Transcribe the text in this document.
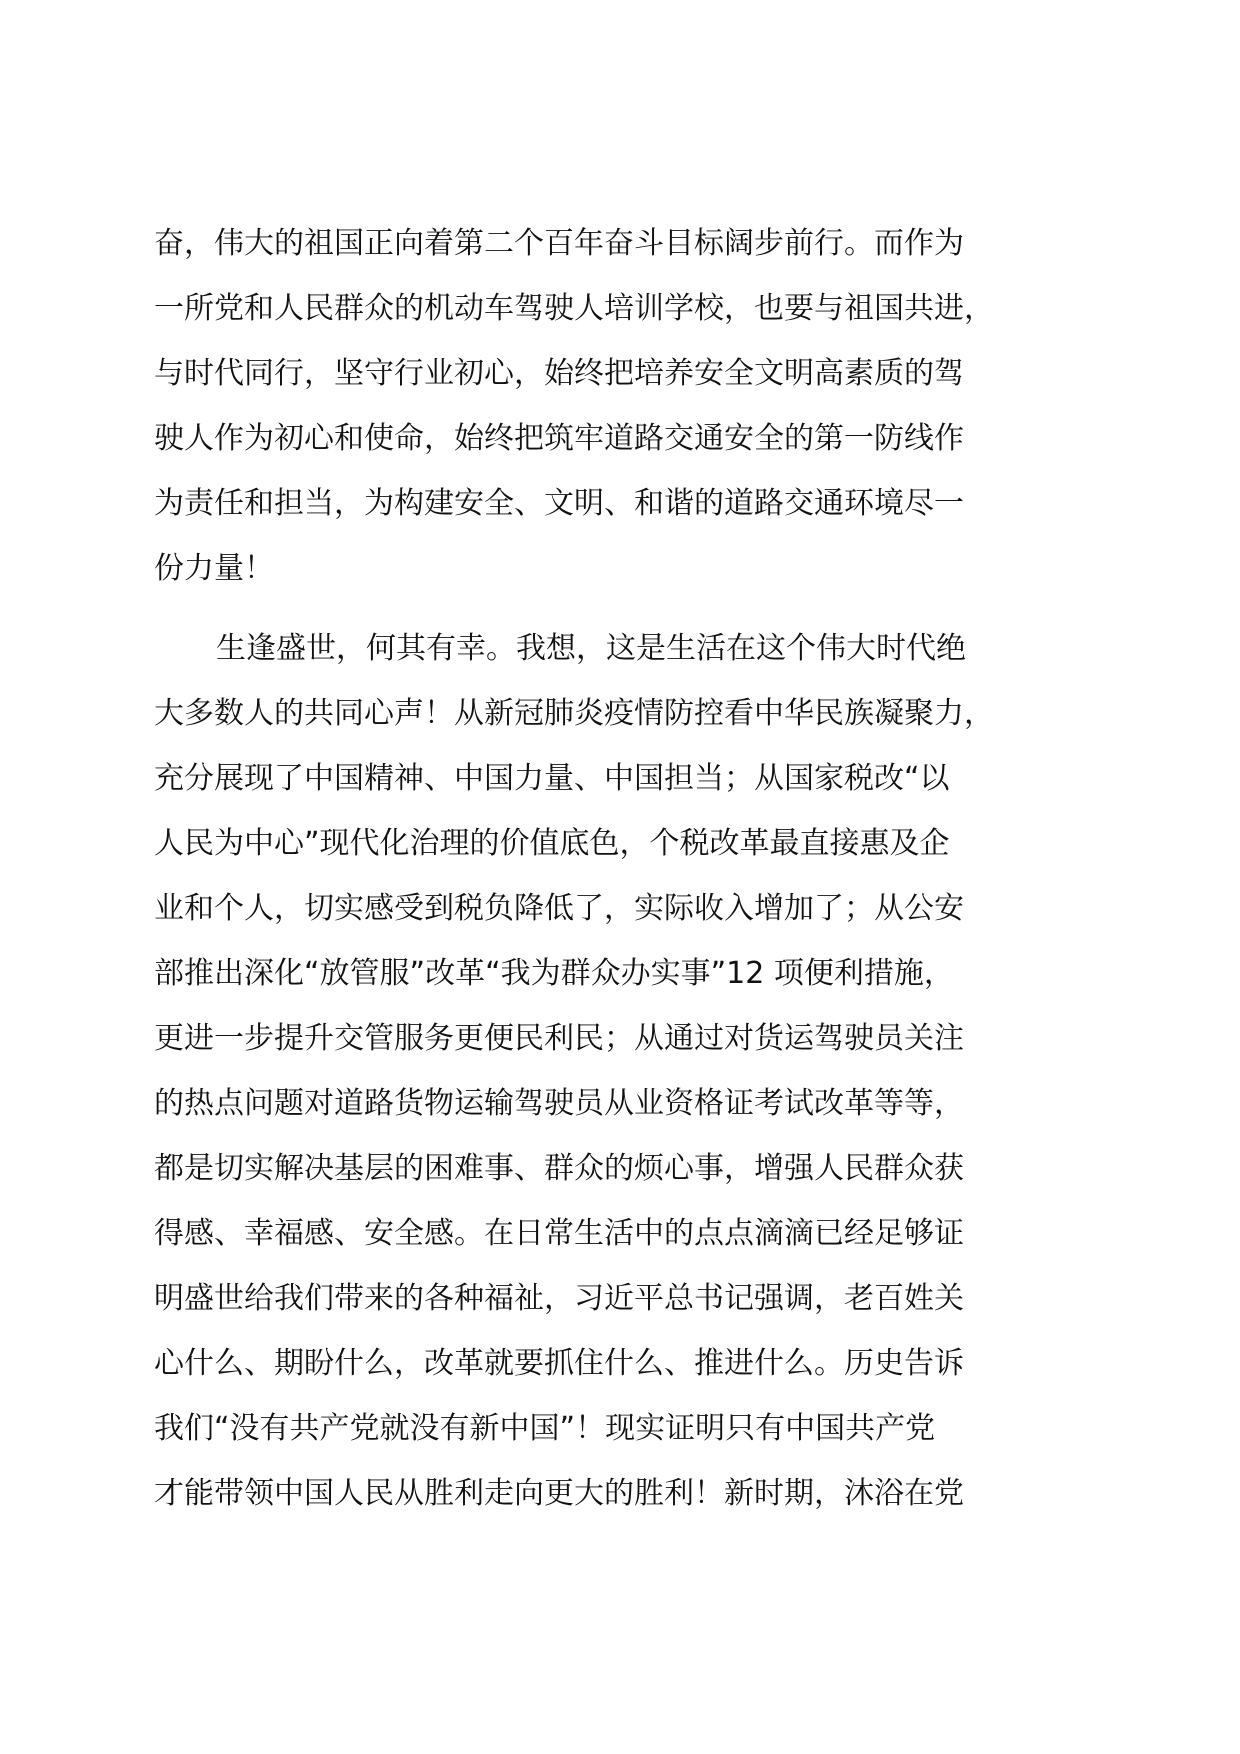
奋，伟大的祖国正向着第二个百年奋斗目标阔步前行。而作为
一所党和人民群众的机动车驾驶人培训学校，也要与祖国共进，
与时代同行，坚守行业初心，始终把培养安全文明高素质的驾
驶人作为初心和使命，始终把筑牢道路交通安全的第一防线作
为责任和担当，为构建安全、文明、和谐的道路交通环境尽一
份力量！
生逢盛世，何其有幸。我想，这是生活在这个伟大时代绝
大多数人的共同心声！从新冠肺炎疫情防控看中华民族凝聚力，
充分展现了中国精神、中国力量、中国担当；从国家税改“以
人民为中心”现代化治理的价值底色，个税改革最直接惠及企
业和个人，切实感受到税负降低了，实际收入增加了；从公安
部推出深化“放管服”改革“我为群众办实事”12 项便利措施，
更进一步提升交管服务更便民利民；从通过对货运驾驶员关注
的热点问题对道路货物运输驾驶员从业资格证考试改革等等，
都是切实解决基层的困难事、群众的烦心事，增强人民群众获
得感、幸福感、安全感。在日常生活中的点点滴滴已经足够证
明盛世给我们带来的各种福祉，习近平总书记强调，老百姓关
心什么、期盼什么，改革就要抓住什么、推进什么。历史告诉
我们“没有共产党就没有新中国”！现实证明只有中国共产党
才能带领中国人民从胜利走向更大的胜利！新时期，沐浴在党
